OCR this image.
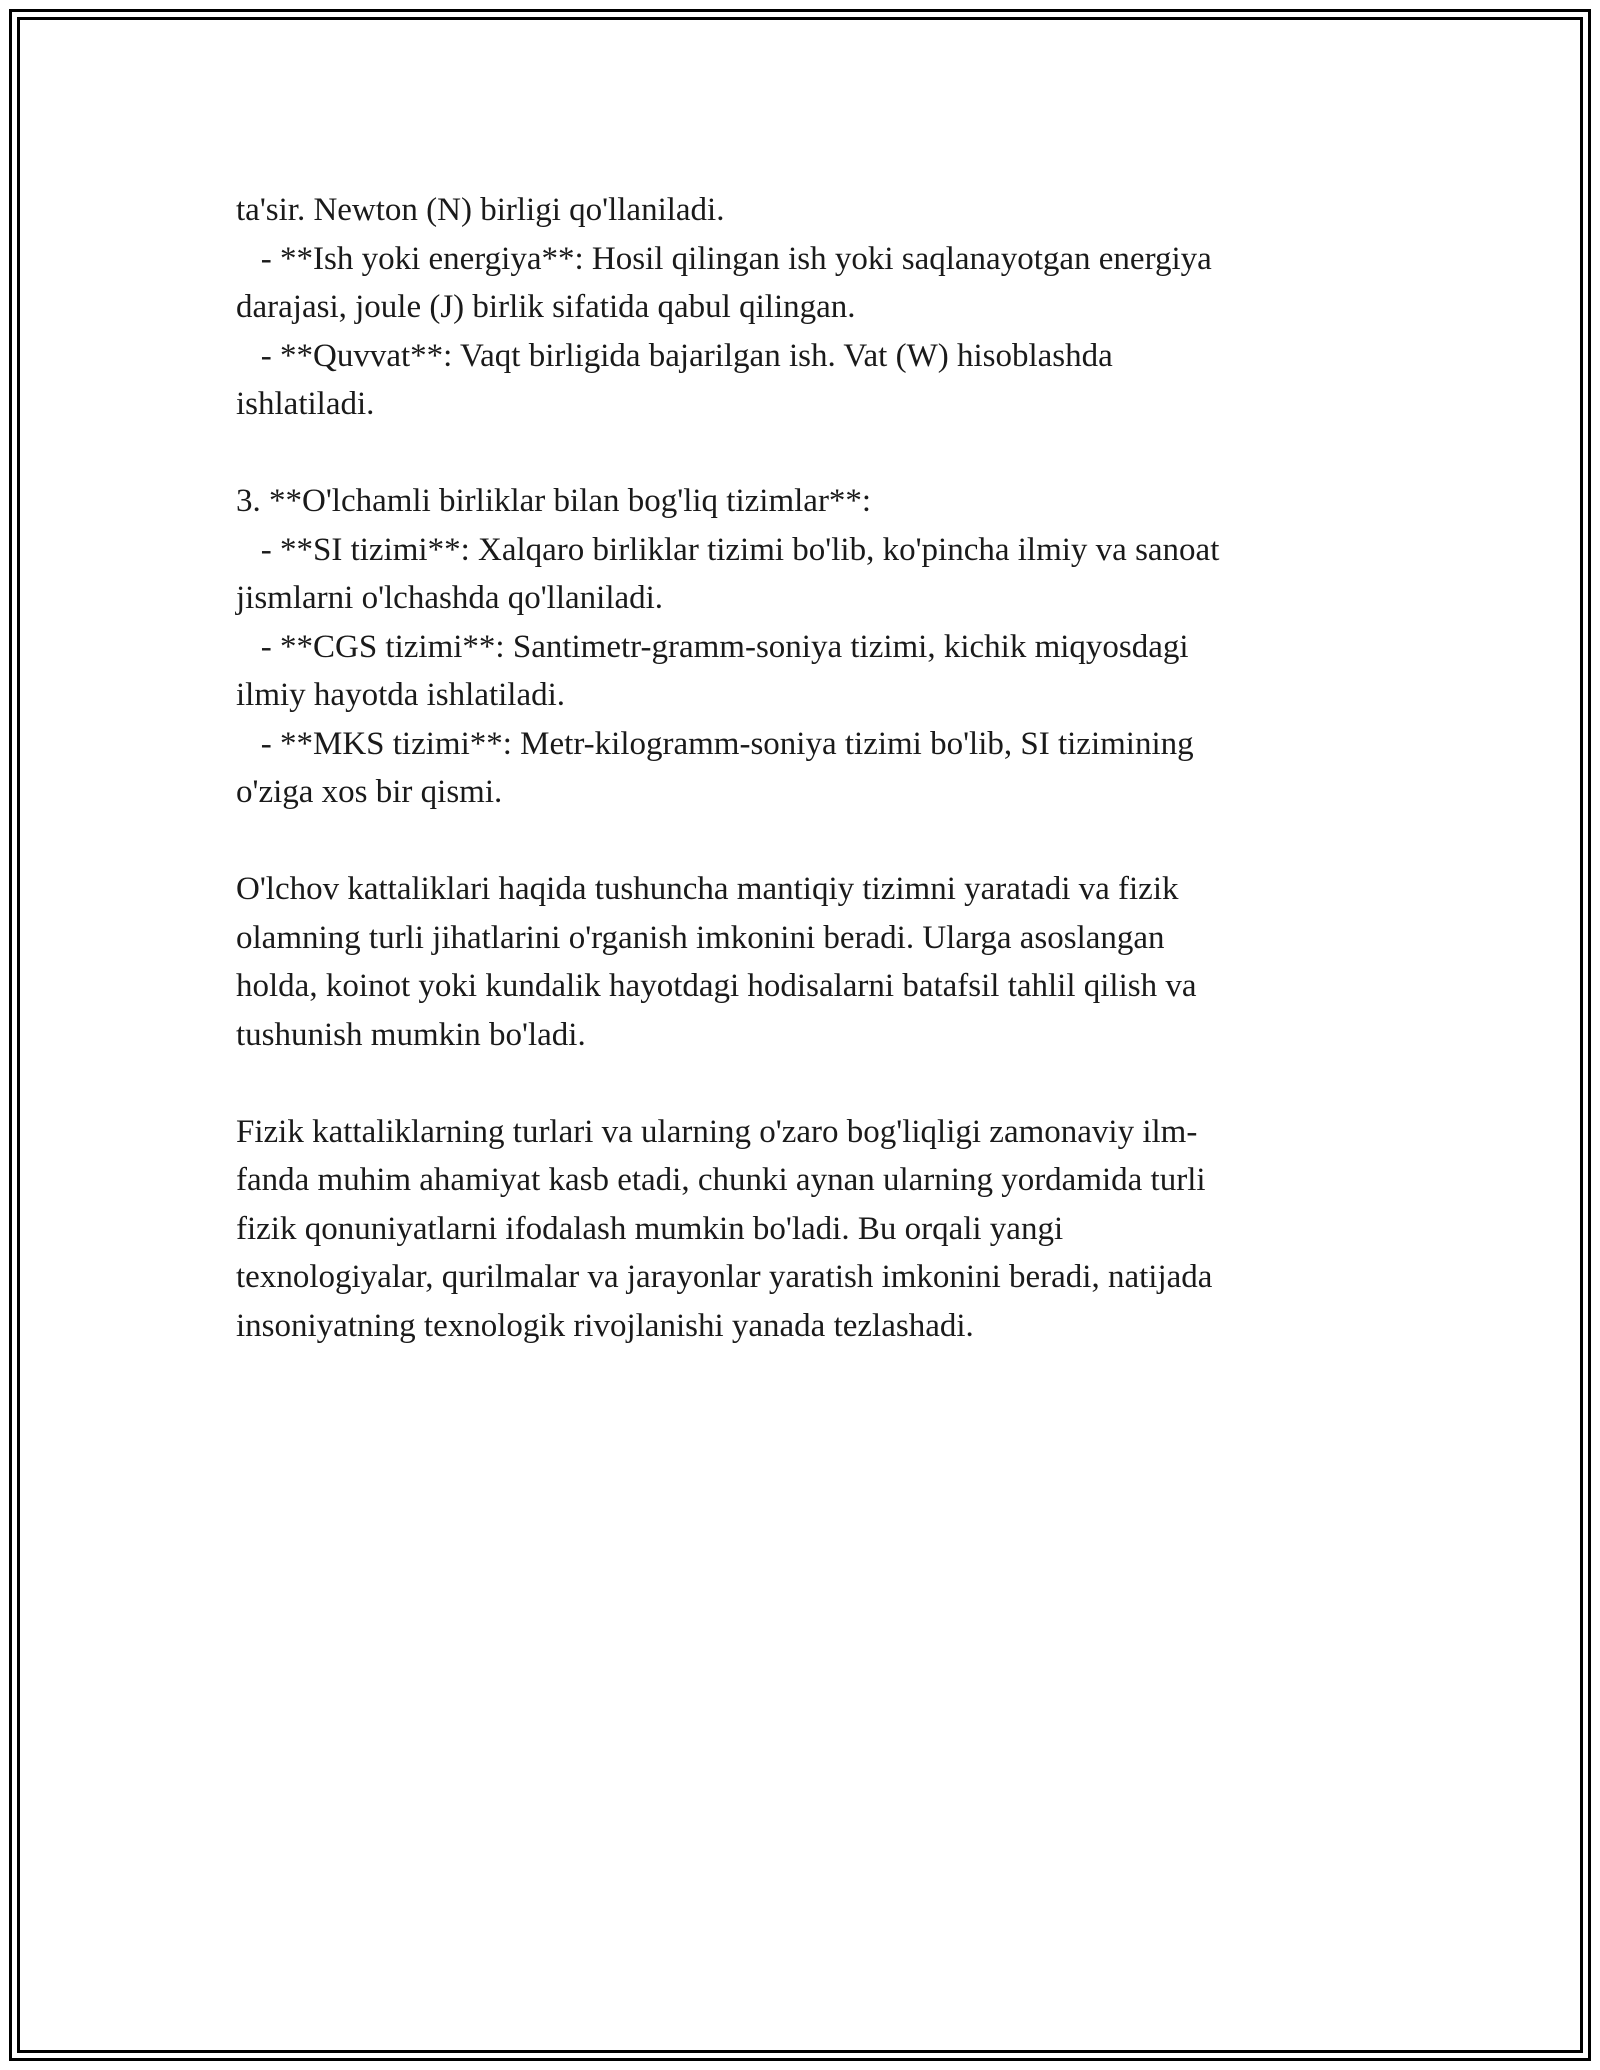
ta'sir. Newton (N) birligi qo'llaniladi.

- **Ish yoki energiya**: Hosil qilingan ish yoki saqlanayotgan energiya

darajasi, joule (J) birlik sifatida qabul qilingan.

- **Quvvat**: Vaqt birligida bajarilgan ish. Vat (W) hisoblashda

ishlatiladi.

3. **O'lchamli birliklar bilan bog'liq tizimlar**:

- **SI tizimi**: Xalqaro birliklar tizimi bo'lib, ko'pincha ilmiy va sanoat

jismlarni o'lchashda qo'llaniladi.

- **CGS tizimi**: Santimetr-gramm-soniya tizimi, kichik miqyosdagi

ilmiy hayotda ishlatiladi.

- **MKS tizimi**: Metr-kilogramm-soniya tizimi bo'lib, SI tizimining

o'ziga xos bir qismi.

O'lchov kattaliklari haqida tushuncha mantiqiy tizimni yaratadi va fizik

olamning turli jihatlarini o'rganish imkonini beradi. Ularga asoslangan

holda, koinot yoki kundalik hayotdagi hodisalarni batafsil tahlil qilish va

tushunish mumkin bo'ladi.

Fizik kattaliklarning turlari va ularning o'zaro bog'liqligi zamonaviy ilm-

fanda muhim ahamiyat kasb etadi, chunki aynan ularning yordamida turli

fizik qonuniyatlarni ifodalash mumkin bo'ladi. Bu orqali yangi

texnologiyalar, qurilmalar va jarayonlar yaratish imkonini beradi, natijada

insoniyatning texnologik rivojlanishi yanada tezlashadi.
